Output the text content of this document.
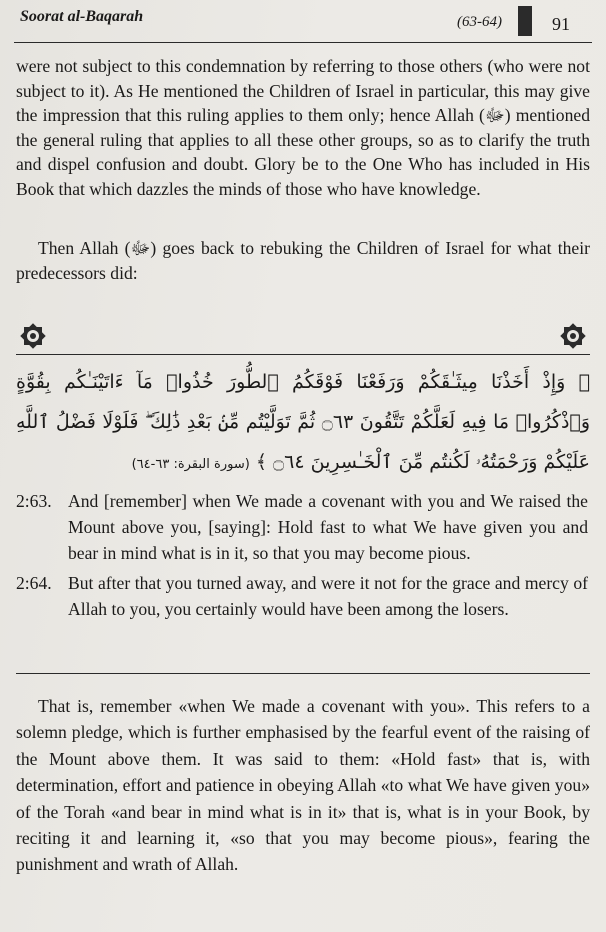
Soorat al-Baqarah	(63-64)	91

were not subject to this condemnation by referring to those others (who were not subject to it). As He mentioned the Children of Israel in particular, this may give the impression that this ruling applies to them only; hence Allah (ﷻ) mentioned the general ruling that applies to all these other groups, so as to clarify the truth and dispel confusion and doubt. Glory be to the One Who has included in His Book that which dazzles the minds of those who have knowledge.

Then Allah (ﷻ) goes back to rebuking the Children of Israel for what their predecessors did:

﴿ وَإِذْ أَخَذْنَا مِيثَـٰقَكُمْ وَرَفَعْنَا فَوْقَكُمُ ٱلطُّورَ خُذُوا۟ مَآ ءَاتَيْنَـٰكُم بِقُوَّةٍ وَٱذْكُرُوا۟ مَا فِيهِ لَعَلَّكُمْ تَتَّقُونَ ۝٦٣ ثُمَّ تَوَلَّيْتُم مِّنۢ بَعْدِ ذَٰلِكَ ۖ فَلَوْلَا فَضْلُ ٱللَّهِ عَلَيْكُمْ وَرَحْمَتُهُۥ لَكُنتُم مِّنَ ٱلْخَـٰسِرِينَ ۝٦٤ ﴾ (سورة البقرة: ٦٣-٦٤)
2:63. And [remember] when We made a covenant with you and We raised the Mount above you, [saying]: Hold fast to what We have given you and bear in mind what is in it, so that you may become pious.
2:64. But after that you turned away, and were it not for the grace and mercy of Allah to you, you certainly would have been among the losers.

That is, remember «when We made a covenant with you». This refers to a solemn pledge, which is further emphasised by the fearful event of the raising of the Mount above them. It was said to them: «Hold fast» that is, with determination, effort and patience in obeying Allah «to what We have given you» of the Torah «and bear in mind what is in it» that is, what is in your Book, by reciting it and learning it, «so that you may become pious», fearing the punishment and wrath of Allah.
